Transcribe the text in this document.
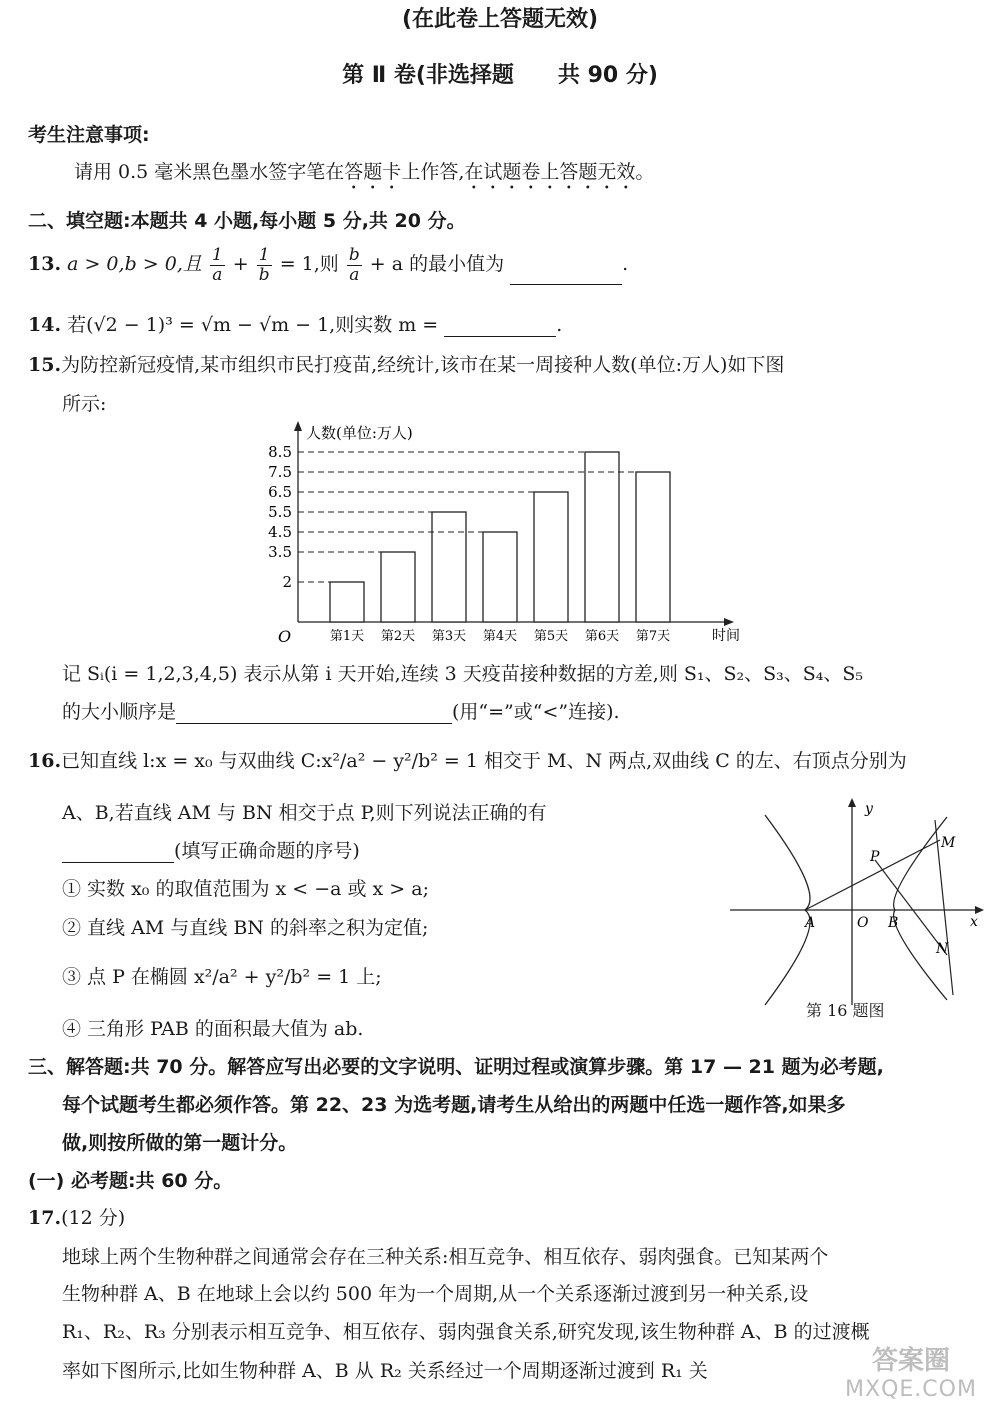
(在此卷上答题无效)
第 Ⅱ 卷(非选择题　　共 90 分)
考生注意事项:
请用 0.5 毫米黑色墨水签字笔在答题卡上作答,在试题卷上答题无效。
二、填空题:本题共 4 小题,每小题 5 分,共 20 分。
13. a > 0,b > 0,且 $\frac{1}{a} + \frac{1}{b} = 1$,则 $\frac{b}{a} + a$ 的最小值为	.
14. 若(√2 − 1)³ = √m − √m − 1,则实数 m =	.
15.为防控新冠疫情,某市组织市民打疫苗,经统计,该市在某一周接种人数(单位:万人)如下图
所示:
人数(单位:万人)
时间
O
2
3.5
4.5
5.5
6.5
7.5
8.5
第1天 第2天 第3天 第4天 第5天 第6天 第7天
记 Sᵢ(i = 1,2,3,4,5) 表示从第 i 天开始,连续 3 天疫苗接种数据的方差,则 S₁、S₂、S₃、S₄、S₅
的大小顺序是	(用“=”或“<”连接).
16.已知直线 l:x = x₀ 与双曲线 C:x²/a² − y²/b² = 1 相交于 M、N 两点,双曲线 C 的左、右顶点分别为
A、B,若直线 AM 与 BN 相交于点 P,则下列说法正确的有
(填写正确命题的序号)
① 实数 x₀ 的取值范围为 x < −a 或 x > a;
② 直线 AM 与直线 BN 的斜率之积为定值;
③ 点 P 在椭圆 x²/a² + y²/b² = 1 上;
④ 三角形 PAB 的面积最大值为 ab.
y
x
O
A	B
P
M
N
第 16 题图
三、解答题:共 70 分。解答应写出必要的文字说明、证明过程或演算步骤。第 17 — 21 题为必考题,
每个试题考生都必须作答。第 22、23 为选考题,请考生从给出的两题中任选一题作答,如果多
做,则按所做的第一题计分。
(一) 必考题:共 60 分。
17.(12 分)
地球上两个生物种群之间通常会存在三种关系:相互竞争、相互依存、弱肉强食。已知某两个
生物种群 A、B 在地球上会以约 500 年为一个周期,从一个关系逐渐过渡到另一种关系,设
R₁、R₂、R₃ 分别表示相互竞争、相互依存、弱肉强食关系,研究发现,该生物种群 A、B 的过渡概
率如下图所示,比如生物种群 A、B 从 R₂ 关系经过一个周期逐渐过渡到 R₁ 关	答案圈
MXQE.COM
